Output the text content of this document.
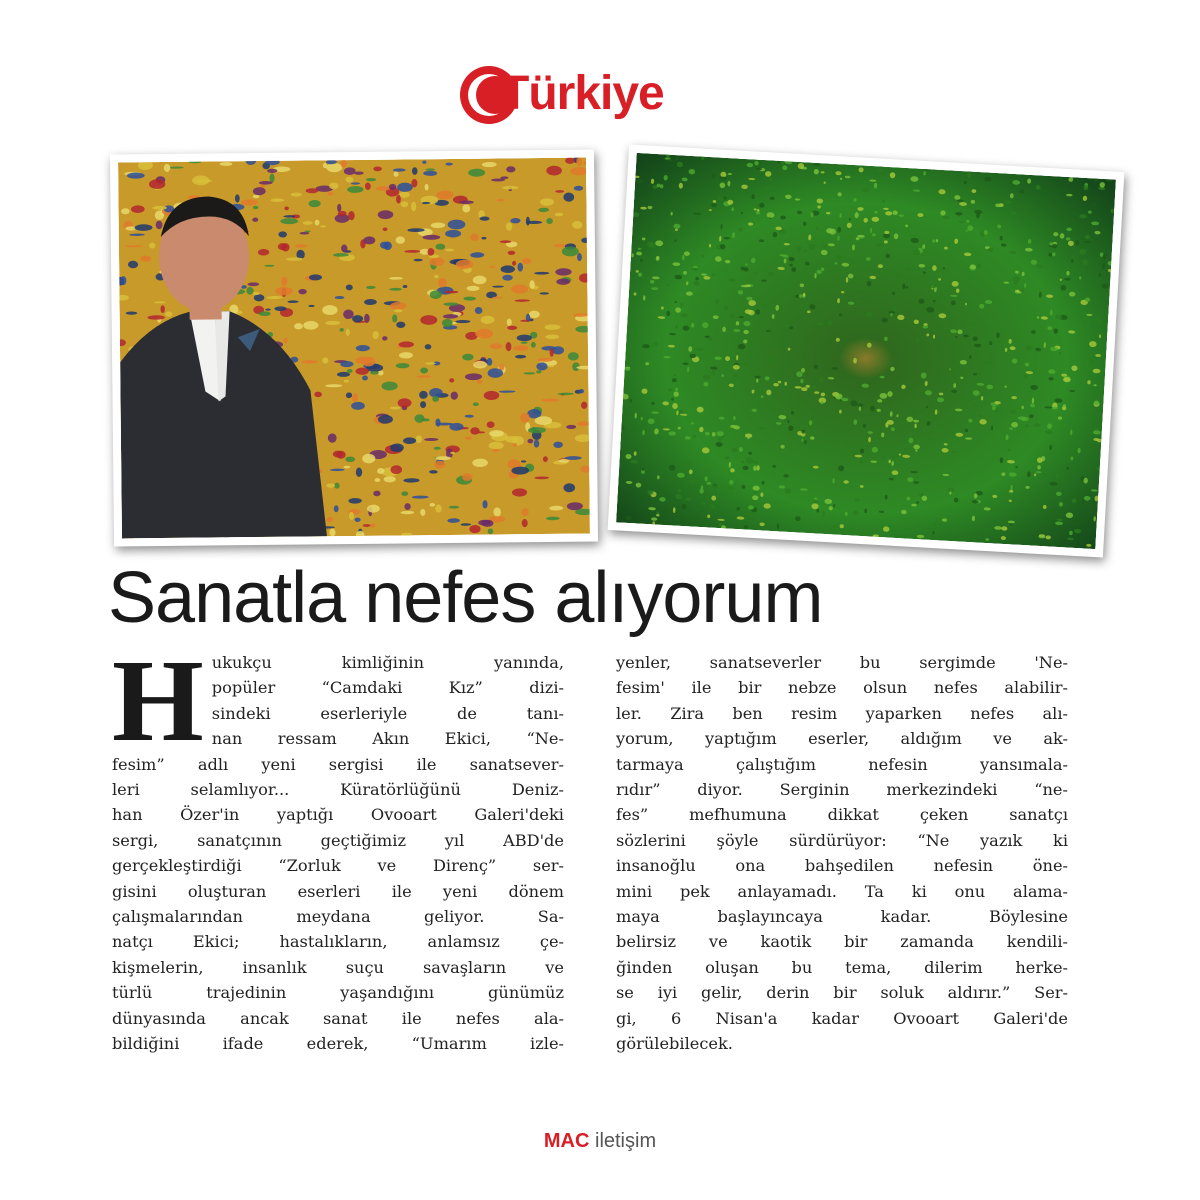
Türkiye
Sanatla nefes alıyorum
H ukukçu kimliğinin yanında,
popüler “Camdaki Kız” dizi-
sindeki eserleriyle de tanı-
nan ressam Akın Ekici, “Ne-
fesim” adlı yeni sergisi ile sanatsever-
leri selamlıyor... Küratörlüğünü Deniz-
han Özer'in yaptığı Ovooart Galeri'deki
sergi, sanatçının geçtiğimiz yıl ABD'de
gerçekleştirdiği “Zorluk ve Direnç” ser-
gisini oluşturan eserleri ile yeni dönem
çalışmalarından meydana geliyor. Sa-
natçı Ekici; hastalıkların, anlamsız çe-
kişmelerin, insanlık suçu savaşların ve
türlü trajedinin yaşandığını günümüz
dünyasında ancak sanat ile nefes ala-
bildiğini ifade ederek, “Umarım izle-
yenler, sanatseverler bu sergimde 'Ne-
fesim' ile bir nebze olsun nefes alabilir-
ler. Zira ben resim yaparken nefes alı-
yorum, yaptığım eserler, aldığım ve ak-
tarmaya çalıştığım nefesin yansımala-
rıdır” diyor. Serginin merkezindeki “ne-
fes” mefhumuna dikkat çeken sanatçı
sözlerini şöyle sürdürüyor: “Ne yazık ki
insanoğlu ona bahşedilen nefesin öne-
mini pek anlayamadı. Ta ki onu alama-
maya başlayıncaya kadar. Böylesine
belirsiz ve kaotik bir zamanda kendili-
ğinden oluşan bu tema, dilerim herke-
se iyi gelir, derin bir soluk aldırır.” Ser-
gi, 6 Nisan'a kadar Ovooart Galeri'de
görülebilecek.
MAC iletişim
